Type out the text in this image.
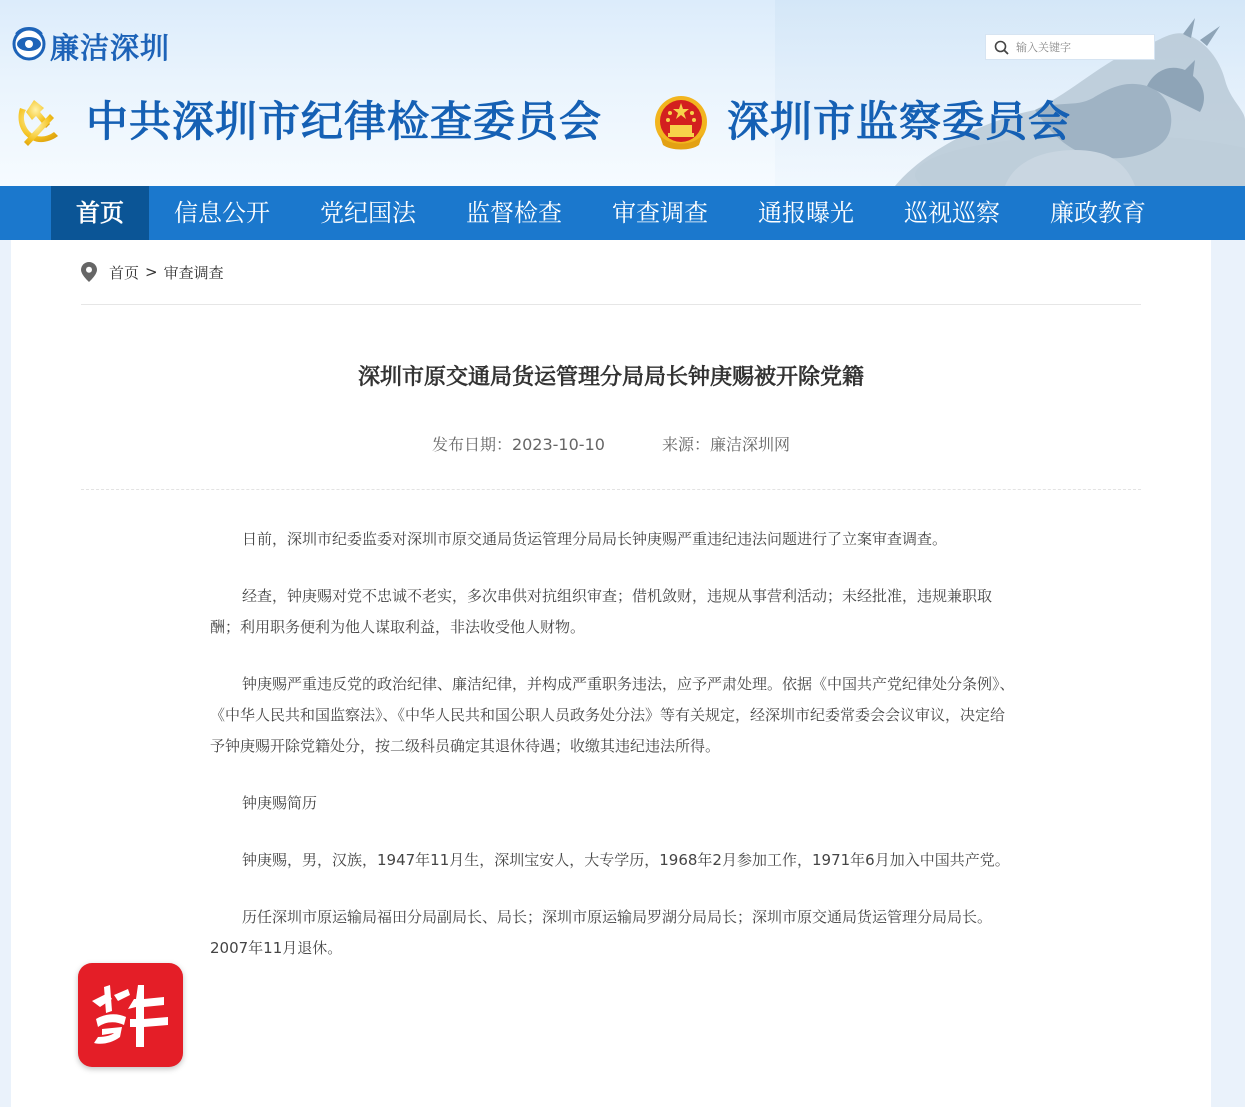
廉洁深圳
中共深圳市纪律检查委员会	深圳市监察委员会
输入关键字
首页	信息公开	党纪国法	监督检查	审查调查	通报曝光	巡视巡察	廉政教育
首页 > 审查调查
深圳市原交通局货运管理分局局长钟庚赐被开除党籍
发布日期：2023-10-10	来源：廉洁深圳网

日前，深圳市纪委监委对深圳市原交通局货运管理分局局长钟庚赐严重违纪违法问题进行了立案审查调查。

经查，钟庚赐对党不忠诚不老实，多次串供对抗组织审查；借机敛财，违规从事营利活动；未经批准，违规兼职取酬；利用职务便利为他人谋取利益，非法收受他人财物。

钟庚赐严重违反党的政治纪律、廉洁纪律，并构成严重职务违法，应予严肃处理。依据《中国共产党纪律处分条例》、《中华人民共和国监察法》、《中华人民共和国公职人员政务处分法》等有关规定，经深圳市纪委常委会会议审议，决定给予钟庚赐开除党籍处分，按二级科员确定其退休待遇；收缴其违纪违法所得。

钟庚赐简历

钟庚赐，男，汉族，1947年11月生，深圳宝安人，大专学历，1968年2月参加工作，1971年6月加入中国共产党。

历任深圳市原运输局福田分局副局长、局长；深圳市原运输局罗湖分局局长；深圳市原交通局货运管理分局局长。2007年11月退休。
